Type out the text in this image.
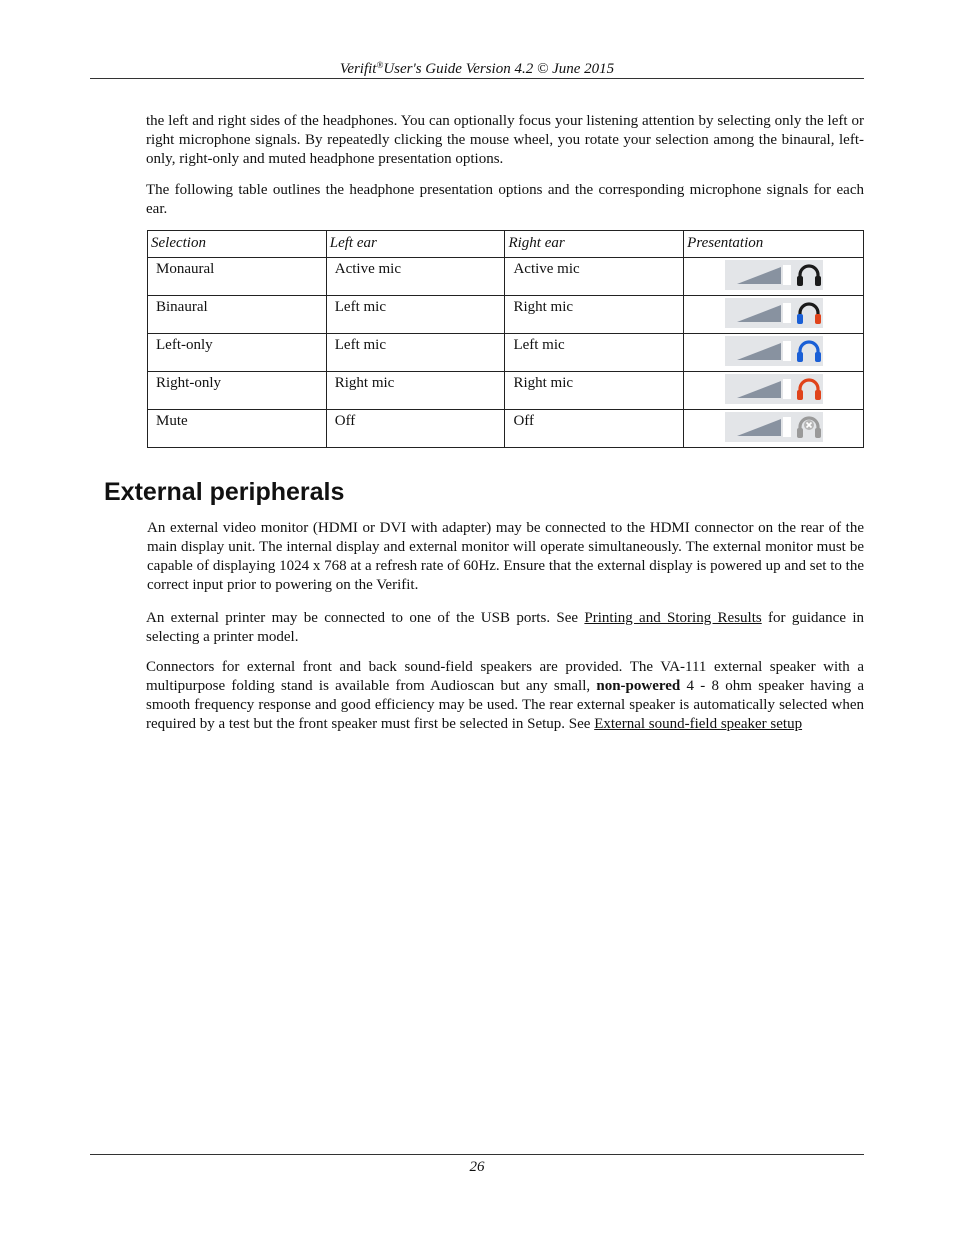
Verifit®User's Guide Version 4.2 © June 2015

the left and right sides of the headphones. You can optionally focus your listening attention by selecting only the left or right microphone signals. By repeatedly clicking the mouse wheel, you rotate your selection among the binaural, left-only, right-only and muted headphone presentation options.

The following table outlines the headphone presentation options and the corresponding microphone signals for each ear.

Selection	Left ear	Right ear	Presentation
Monaural	Active mic	Active mic	

Binaural	Left mic	Right mic	

Left-only	Left mic	Left mic	

Right-only	Right mic	Right mic	

Mute	Off	Off	
External peripherals

An external video monitor (HDMI or DVI with adapter) may be connected to the HDMI connector on the rear of the main display unit. The internal display and external monitor will operate simultaneously. The external monitor must be capable of displaying 1024 x 768 at a refresh rate of 60Hz. Ensure that the external display is powered up and set to the correct input prior to powering on the Verifit.

An external printer may be connected to one of the USB ports. See Printing and Storing Results for guidance in selecting a printer model.

Connectors for external front and back sound-field speakers are provided. The VA-111 external speaker with a multipurpose folding stand is available from Audioscan but any small, non-powered 4 - 8 ohm speaker having a smooth frequency response and good efficiency may be used. The rear external speaker is automatically selected when required by a test but the front speaker must first be selected in Setup. See External sound-field speaker setup

26
